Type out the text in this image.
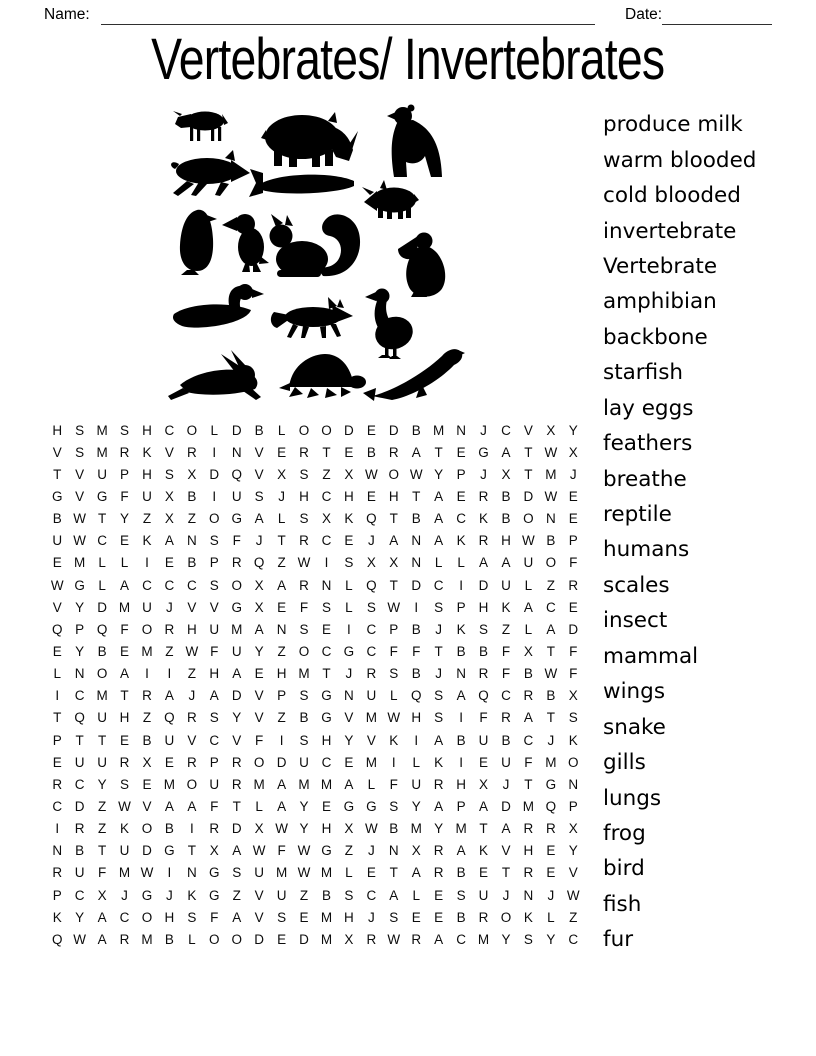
Name:	Date:
Vertebrates/ Invertebrates
H S M S H C O L	D B	L O O D E D B M N	J	C V X Y
V S M R K V R	I	N V E R T	E B R A	T	E G A	T W X
T	V U P H S X D Q V X S	Z	X W O W Y P	J	X	T M J
G V G F U X B	I	U S	J	H C H E H T	A E R B D W E
B W T	Y	Z	X	Z O G A	L	S X K Q T	B A C K B O N E
U W C E K A N S	F	J	T R C E	J	A N A K R H W B P
E M L	L	I	E B P R Q Z W	I	S X X N	L	L	A A U O F
W G L	A C C C S O X A R N	L Q T D C	I	D U	L	Z R
V Y D M U	J	V V G X E	F	S	L	S W	I	S P H K A C E
Q P Q F O R H U M A N S E	I	C P B	J	K S	Z	L	A D
E Y B E M Z W F U Y	Z O C G C F	F	T	B B	F	X	T	F
L	N O A	I	I	Z H A E H M T	J	R S B	J	N R F	B W F
I	C M T R A	J	A D V P S G N U	L Q S A Q C R B X
T Q U H Z Q R S Y V	Z	B G V M W H S	I	F R A	T	S
P	T	T	E B U V C V	F	I	S H Y V K	I	A B U B C	J	K
E U U R X E R P R O D U C E M	I	L	K	I	E U F M O
R C Y S E M O U R M A M M A	L	F U R H X	J	T G N
C D Z W V A A	F	T	L	A Y E G G S Y A P A D M Q P
I	R Z	K O B	I	R D X W Y H X W B M Y M T	A R R X
N B	T U D G T	X A W F W G Z	J	N X R A K V H E Y
R U F M W	I	N G S U M W M L	E	T	A R B E	T R E V
P C X	J	G	J	K G Z	V U Z	B S C A	L	E S U	J	N	J W
K Y A C O H S	F	A V S E M H	J	S E E B R O K	L	Z
Q W A R M B	L O O D E D M X R W R A C M Y S Y C
produce milk
warm blooded
cold blooded
invertebrate
Vertebrate
amphibian
backbone
starfish
lay eggs
feathers
breathe
reptile
humans
scales
insect
mammal
wings
snake
gills
lungs
frog
bird
fish
fur
